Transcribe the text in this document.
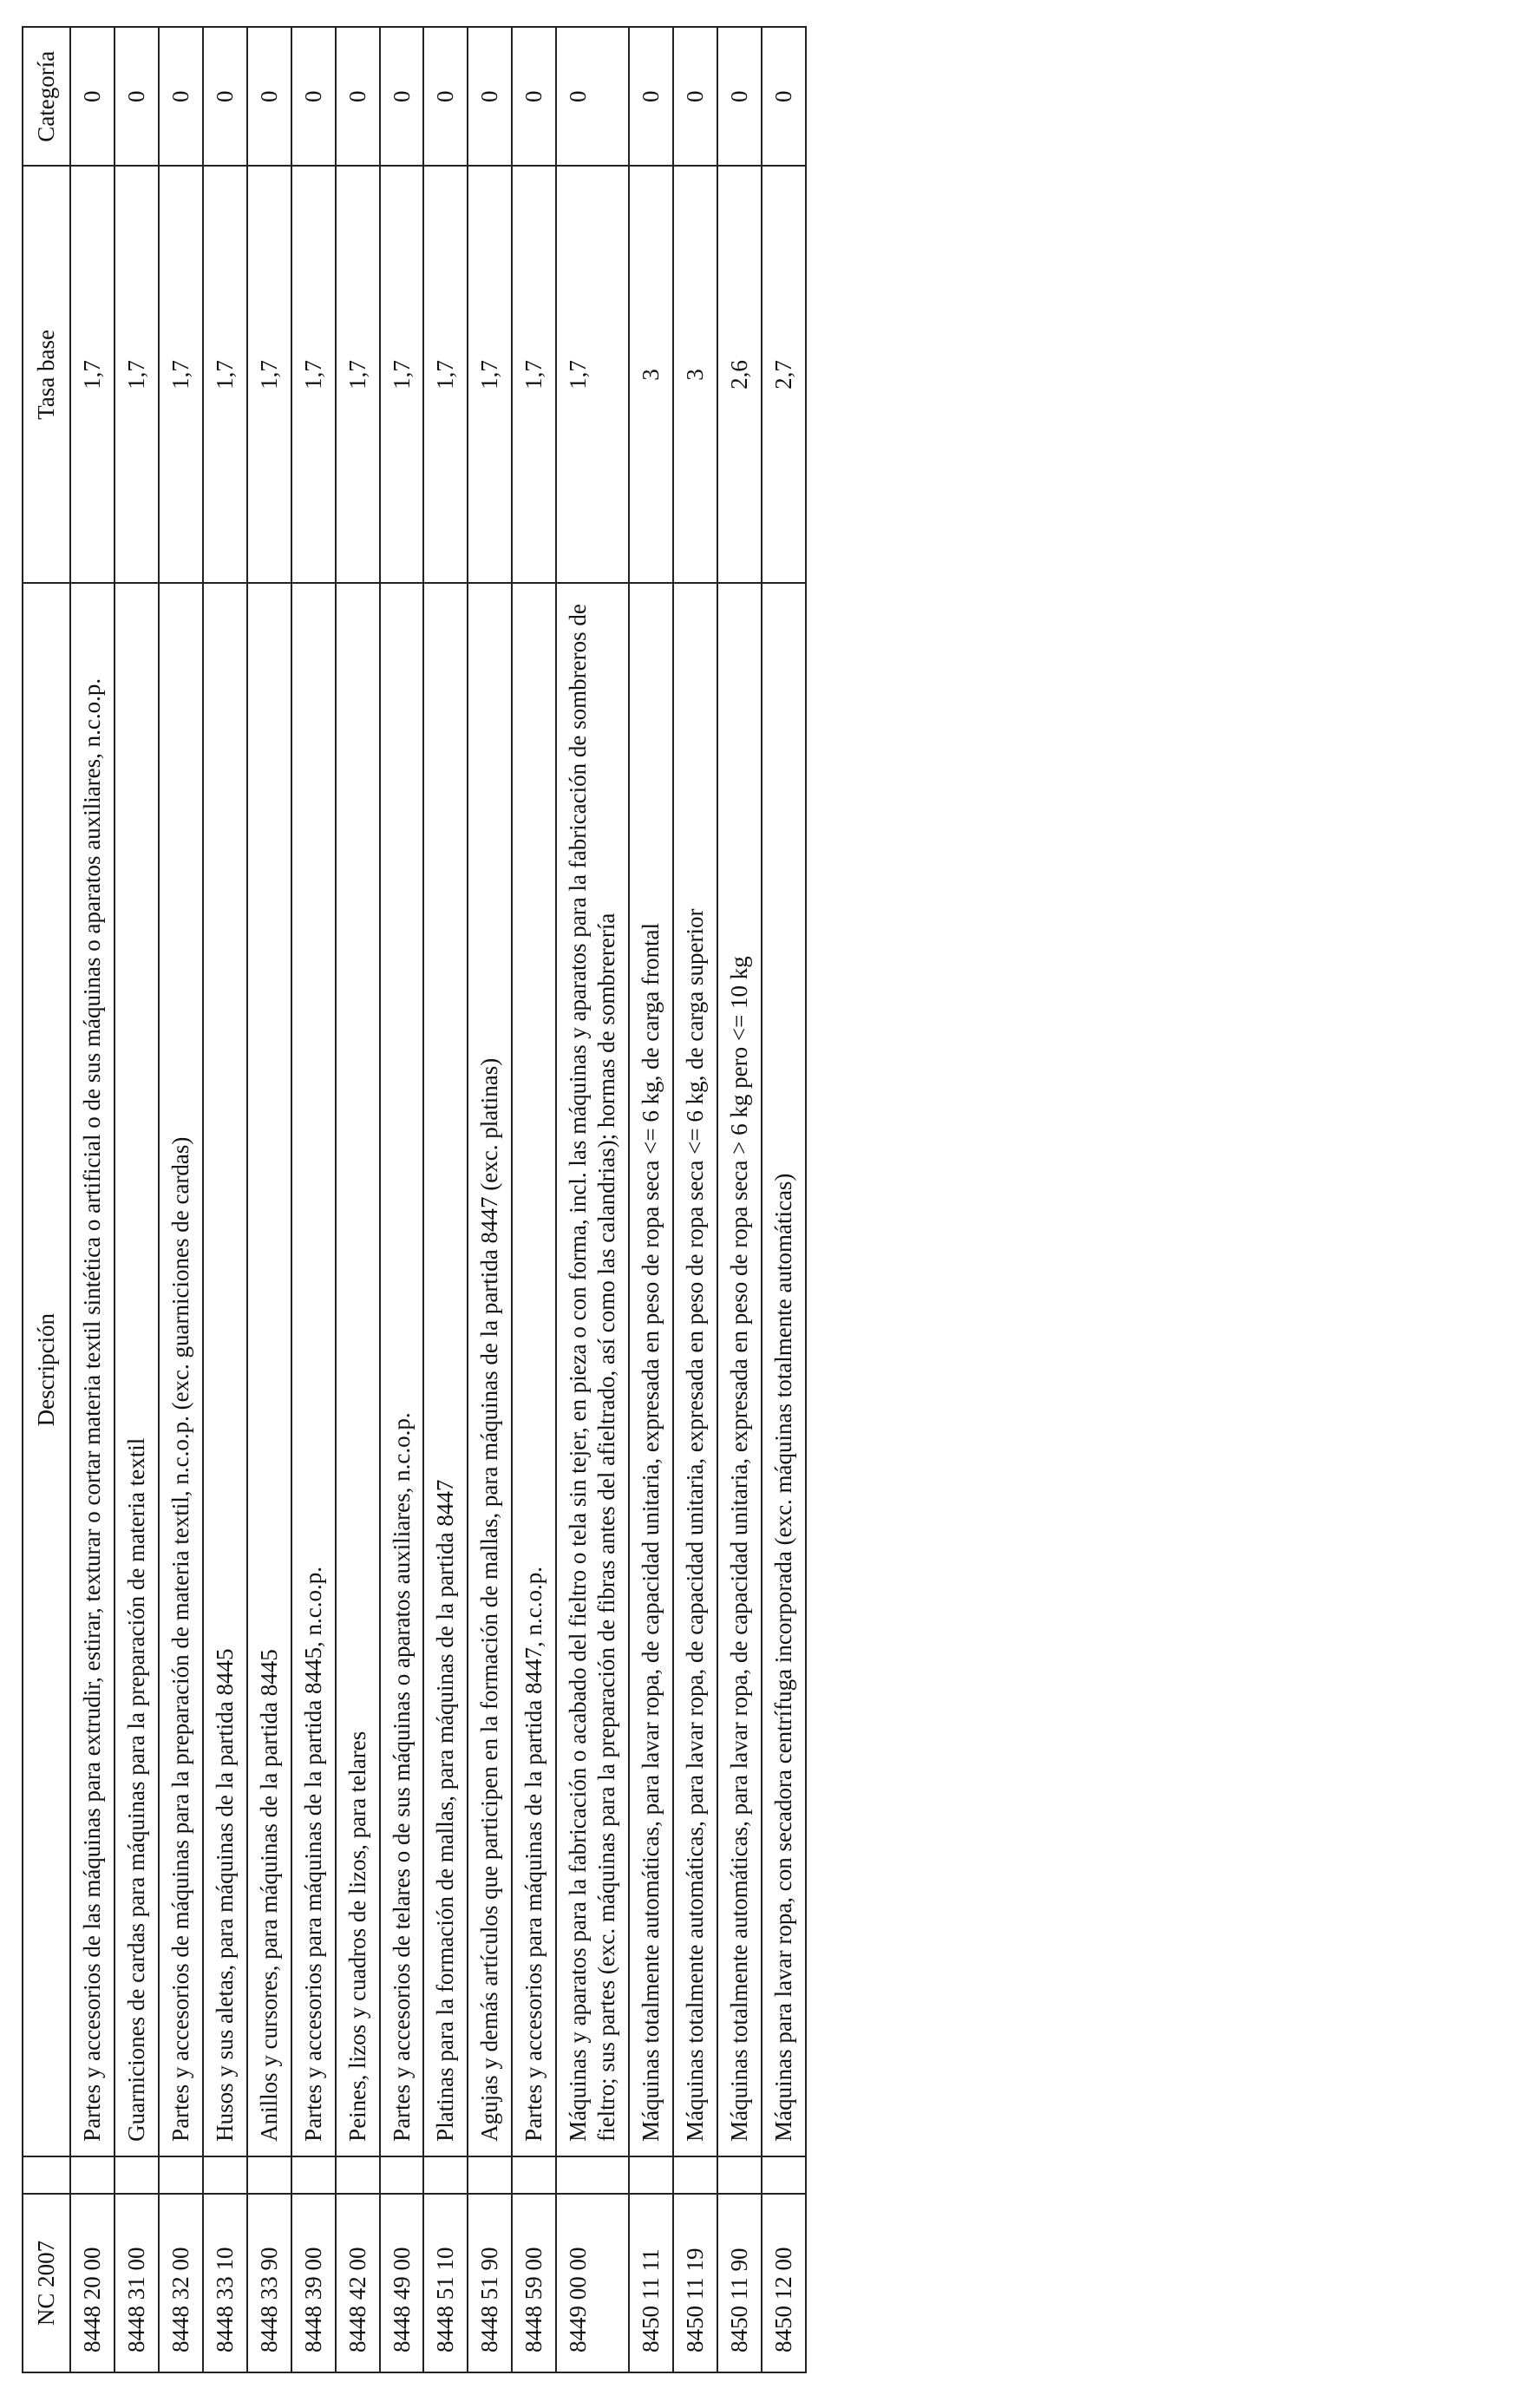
NC 2007		Descripción	Tasa base	Categoría
8448 20 00		Partes y accesorios de las máquinas para extrudir, estirar, texturar o cortar materia textil sintética o artificial o de sus máquinas o aparatos auxiliares, n.c.o.p.	1,7	0
8448 31 00		Guarniciones de cardas para máquinas para la preparación de materia textil	1,7	0
8448 32 00		Partes y accesorios de máquinas para la preparación de materia textil, n.c.o.p. (exc. guarniciones de cardas)	1,7	0
8448 33 10		Husos y sus aletas, para máquinas de la partida 8445	1,7	0
8448 33 90		Anillos y cursores, para máquinas de la partida 8445	1,7	0
8448 39 00		Partes y accesorios para máquinas de la partida 8445, n.c.o.p.	1,7	0
8448 42 00		Peines, lizos y cuadros de lizos, para telares	1,7	0
8448 49 00		Partes y accesorios de telares o de sus máquinas o aparatos auxiliares, n.c.o.p.	1,7	0
8448 51 10		Platinas para la formación de mallas, para máquinas de la partida 8447	1,7	0
8448 51 90		Agujas y demás artículos que participen en la formación de mallas, para máquinas de la partida 8447 (exc. platinas)	1,7	0
8448 59 00		Partes y accesorios para máquinas de la partida 8447, n.c.o.p.	1,7	0
8449 00 00		Máquinas y aparatos para la fabricación o acabado del fieltro o tela sin tejer, en pieza o con forma, incl. las máquinas y aparatos para la fabricación de sombreros de fieltro; sus partes (exc. máquinas para la preparación de fibras antes del afieltrado, así como las calandrias); hormas de sombrerería	1,7	0
8450 11 11		Máquinas totalmente automáticas, para lavar ropa, de capacidad unitaria, expresada en peso de ropa seca <= 6 kg, de carga frontal	3	0
8450 11 19		Máquinas totalmente automáticas, para lavar ropa, de capacidad unitaria, expresada en peso de ropa seca <= 6 kg, de carga superior	3	0
8450 11 90		Máquinas totalmente automáticas, para lavar ropa, de capacidad unitaria, expresada en peso de ropa seca > 6 kg pero <= 10 kg	2,6	0
8450 12 00		Máquinas para lavar ropa, con secadora centrífuga incorporada (exc. máquinas totalmente automáticas)	2,7	0
